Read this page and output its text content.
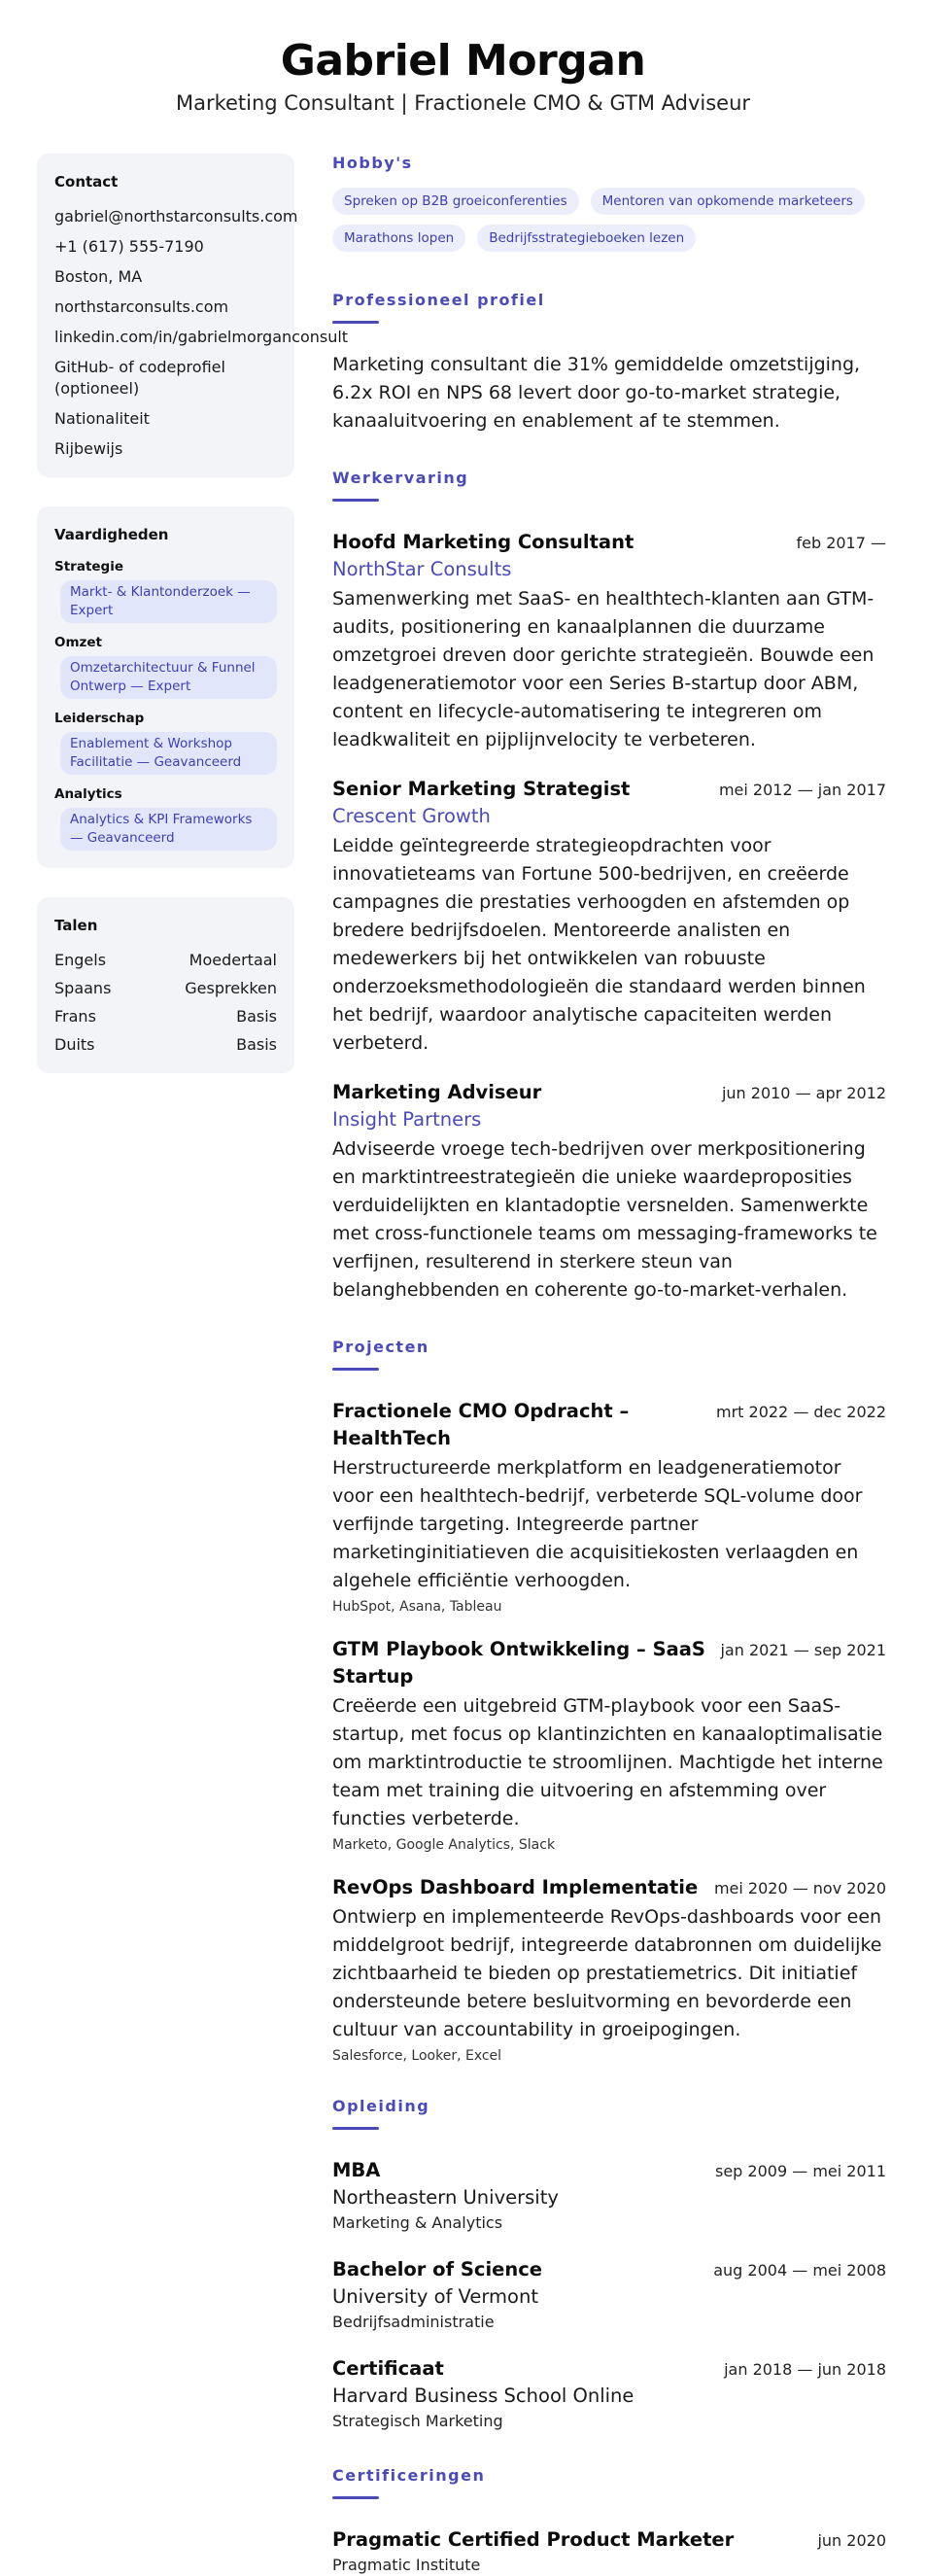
Gabriel Morgan
Marketing Consultant | Fractionele CMO & GTM Adviseur
Contact
gabriel@northstarconsults.com
+1 (617) 555-7190
Boston, MA
northstarconsults.com
linkedin.com/in/gabrielmorganconsult
GitHub- of codeprofiel (optioneel)
Nationaliteit
Rijbewijs
Vaardigheden
Strategie
Markt- & Klantonderzoek — Expert
Omzet
Omzetarchitectuur & Funnel Ontwerp — Expert
Leiderschap
Enablement & Workshop Facilitatie — Geavanceerd
Analytics
Analytics & KPI Frameworks — Geavanceerd
Talen
Engels	Moedertaal
Spaans	Gesprekken
Frans	Basis
Duits	Basis
Hobby's
Spreken op B2B groeiconferenties	Mentoren van opkomende marketeers
Marathons lopen	Bedrijfsstrategieboeken lezen
Professioneel profiel
Marketing consultant die 31% gemiddelde omzetstijging, 6.2x ROI en NPS 68 levert door go-to-market strategie, kanaaluitvoering en enablement af te stemmen.
Werkervaring
Hoofd Marketing Consultant	feb 2017 —
NorthStar Consults
Samenwerking met SaaS- en healthtech-klanten aan GTM-audits, positionering en kanaalplannen die duurzame omzetgroei dreven door gerichte strategieën. Bouwde een leadgeneratiemotor voor een Series B-startup door ABM, content en lifecycle-automatisering te integreren om leadkwaliteit en pijplijnvelocity te verbeteren.
Senior Marketing Strategist	mei 2012 — jan 2017
Crescent Growth
Leidde geïntegreerde strategieopdrachten voor innovatieteams van Fortune 500-bedrijven, en creëerde campagnes die prestaties verhoogden en afstemden op bredere bedrijfsdoelen. Mentoreerde analisten en medewerkers bij het ontwikkelen van robuuste onderzoeksmethodologieën die standaard werden binnen het bedrijf, waardoor analytische capaciteiten werden verbeterd.
Marketing Adviseur	jun 2010 — apr 2012
Insight Partners
Adviseerde vroege tech-bedrijven over merkpositionering en marktintreestrategieën die unieke waardeproposities verduidelijkten en klantadoptie versnelden. Samenwerkte met cross-functionele teams om messaging-frameworks te verfijnen, resulterend in sterkere steun van belanghebbenden en coherente go-to-market-verhalen.
Projecten
Fractionele CMO Opdracht – HealthTech
mrt 2022 — dec 2022
Herstructureerde merkplatform en leadgeneratiemotor voor een healthtech-bedrijf, verbeterde SQL-volume door verfijnde targeting. Integreerde partner marketinginitiatieven die acquisitiekosten verlaagden en algehele efficiëntie verhoogden.
HubSpot, Asana, Tableau
GTM Playbook Ontwikkeling – SaaS Startup
jan 2021 — sep 2021
Creëerde een uitgebreid GTM-playbook voor een SaaS-startup, met focus op klantinzichten en kanaaloptimalisatie om marktintroductie te stroomlijnen. Machtigde het interne team met training die uitvoering en afstemming over functies verbeterde.
Marketo, Google Analytics, Slack
RevOps Dashboard Implementatie mei 2020 — nov 2020
Ontwierp en implementeerde RevOps-dashboards voor een middelgroot bedrijf, integreerde databronnen om duidelijke zichtbaarheid te bieden op prestatiemetrics. Dit initiatief ondersteunde betere besluitvorming en bevorderde een cultuur van accountability in groeipogingen.
Salesforce, Looker, Excel
Opleiding
MBA	sep 2009 — mei 2011
Northeastern University
Marketing & Analytics
Bachelor of Science	aug 2004 — mei 2008
University of Vermont
Bedrijfsadministratie
Certificaat	jan 2018 — jun 2018
Harvard Business School Online
Strategisch Marketing
Certificeringen
Pragmatic Certified Product Marketer	jun 2020
Pragmatic Institute
